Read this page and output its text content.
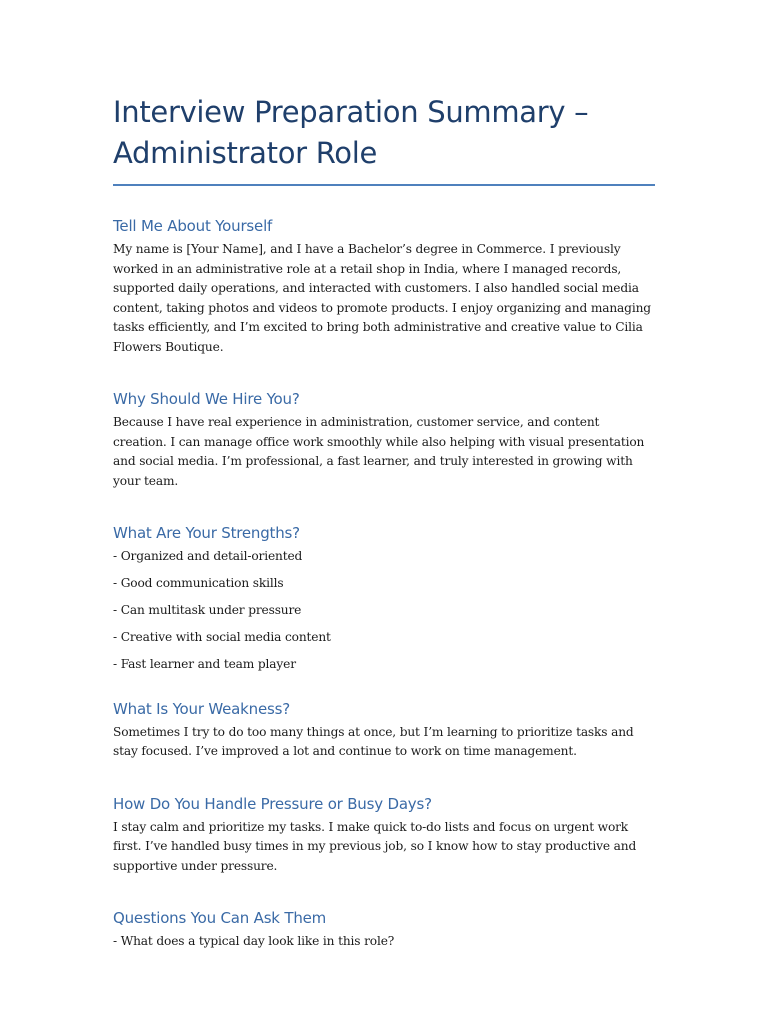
Interview Preparation Summary – Administrator Role
Tell Me About Yourself

My name is [Your Name], and I have a Bachelor’s degree in Commerce. I previously worked in an administrative role at a retail shop in India, where I managed records, supported daily operations, and interacted with customers. I also handled social media content, taking photos and videos to promote products. I enjoy organizing and managing tasks efficiently, and I’m excited to bring both administrative and creative value to Cilia Flowers Boutique.

Why Should We Hire You?

Because I have real experience in administration, customer service, and content creation. I can manage office work smoothly while also helping with visual presentation and social media. I’m professional, a fast learner, and truly interested in growing with your team.

What Are Your Strengths?

- Organized and detail-oriented

- Good communication skills

- Can multitask under pressure

- Creative with social media content

- Fast learner and team player

What Is Your Weakness?

Sometimes I try to do too many things at once, but I’m learning to prioritize tasks and stay focused. I’ve improved a lot and continue to work on time management.

How Do You Handle Pressure or Busy Days?

I stay calm and prioritize my tasks. I make quick to-do lists and focus on urgent work first. I’ve handled busy times in my previous job, so I know how to stay productive and supportive under pressure.

Questions You Can Ask Them

- What does a typical day look like in this role?
